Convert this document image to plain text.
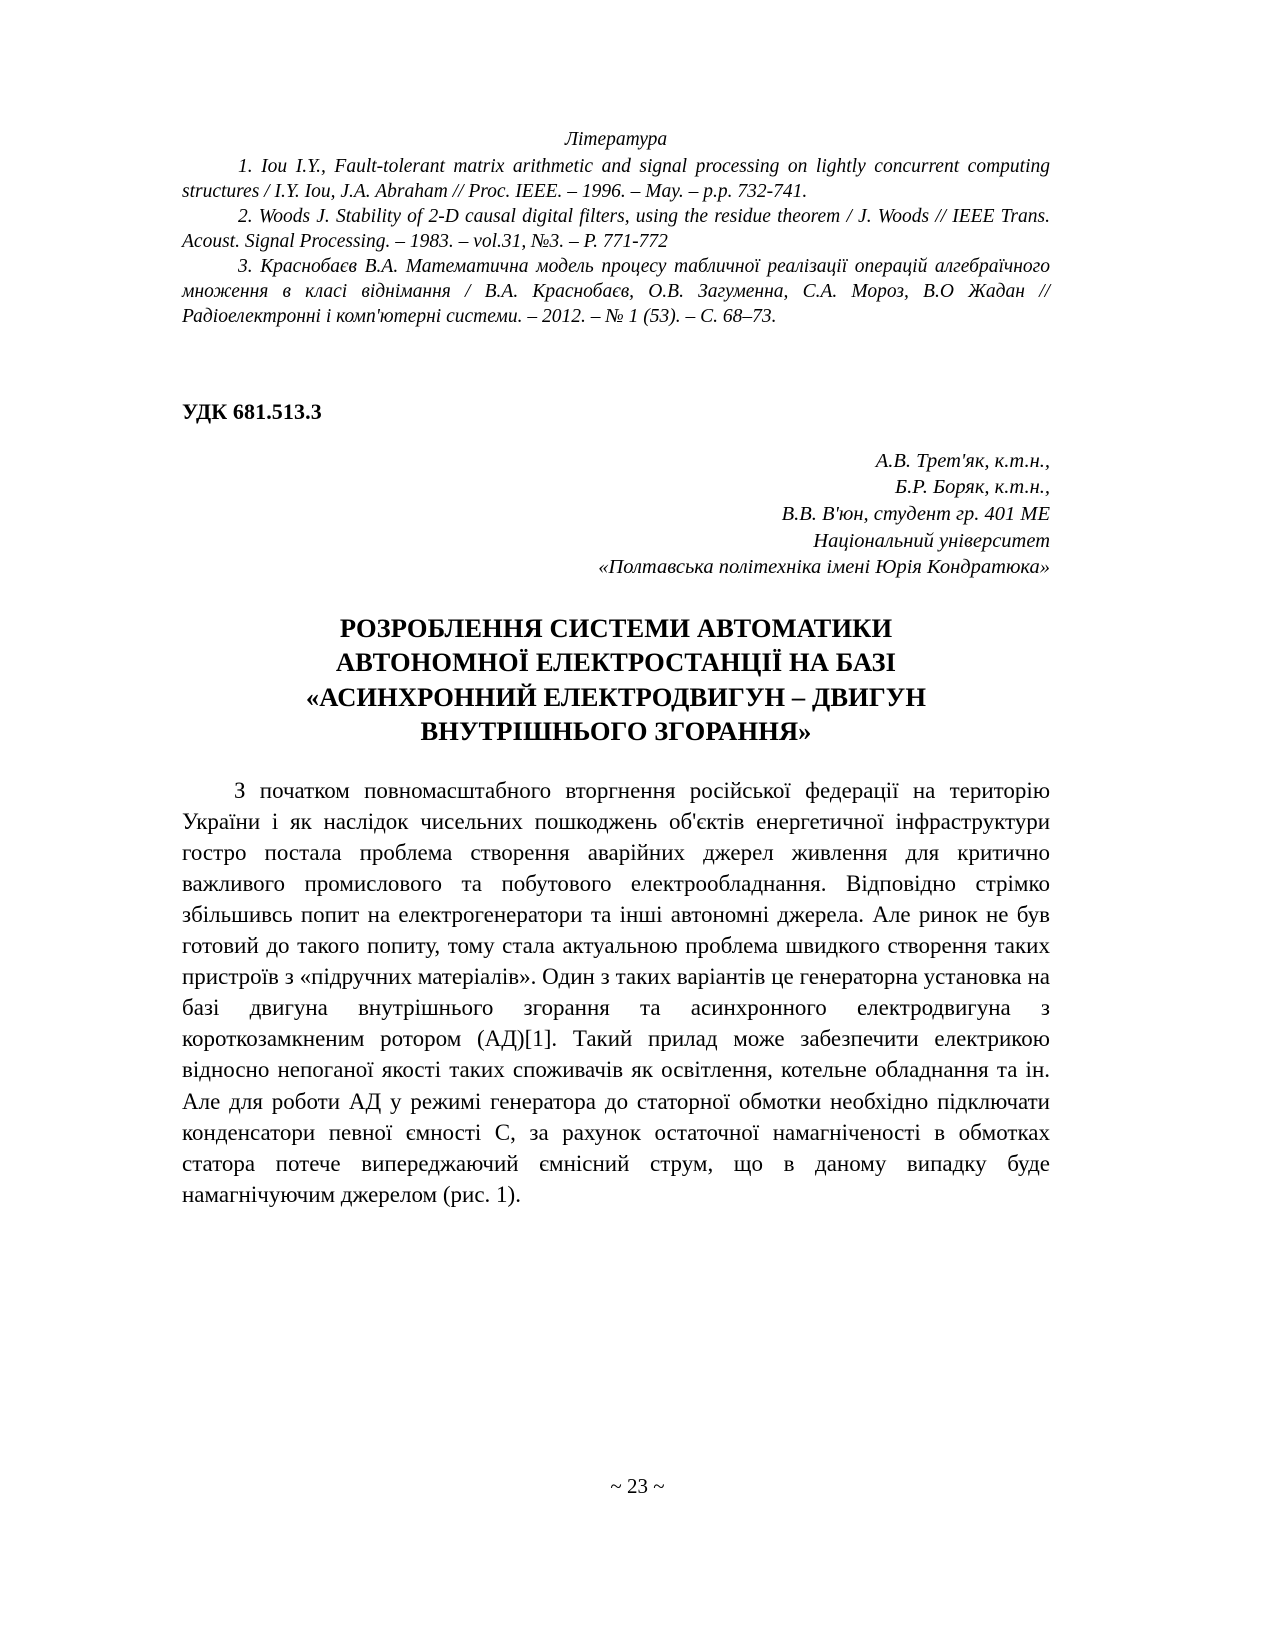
Література

1. Iou I.Y., Fault-tolerant matrix arithmetic and signal processing on lightly concurrent computing structures / I.Y. Iou, J.A. Abraham // Proc. IEEE. – 1996. – May. – p.p. 732-741.

2. Woods J. Stability of 2-D causal digital filters, using the residue theorem / J. Woods // IEEE Trans. Acoust. Signal Processing. – 1983. – vol.31, №3. – P. 771-772

3. Краснобаєв В.А. Математична модель процесу табличної реалізації операцій алгебраїчного множення в класі віднімання / В.А. Краснобаєв, О.В. Загуменна, С.А. Мороз, В.О Жадан // Радіоелектронні і комп'ютерні системи. – 2012. – № 1 (53). – С. 68–73.

УДК 681.513.3
А.В. Трет'як, к.т.н.,
Б.Р. Боряк, к.т.н.,
В.В. В'юн, студент гр. 401 МЕ
Національний університет
«Полтавська політехніка імені Юрія Кондратюка»
РОЗРОБЛЕННЯ СИСТЕМИ АВТОМАТИКИ
АВТОНОМНОЇ ЕЛЕКТРОСТАНЦІЇ НА БАЗІ
«АСИНХРОННИЙ ЕЛЕКТРОДВИГУН – ДВИГУН
ВНУТРІШНЬОГО ЗГОРАННЯ»

З початком повномасштабного вторгнення російської федерації на територію України і як наслідок чисельних пошкоджень об'єктів енергетичної інфраструктури гостро постала проблема створення аварійних джерел живлення для критично важливого промислового та побутового електрообладнання. Відповідно стрімко збільшивсь попит на електрогенератори та інші автономні джерела. Але ринок не був готовий до такого попиту, тому стала актуальною проблема швидкого створення таких пристроїв з «підручних матеріалів». Один з таких варіантів це генераторна установка на базі двигуна внутрішнього згорання та асинхронного електродвигуна з короткозамкненим ротором (АД)[1]. Такий прилад може забезпечити електрикою відносно непоганої якості таких споживачів як освітлення, котельне обладнання та ін. Але для роботи АД у режимі генератора до статорної обмотки необхідно підключати конденсатори певної ємності С, за рахунок остаточної намагніченості в обмотках статора потече випереджаючий ємнісний струм, що в даному випадку буде намагнічуючим джерелом (рис. 1).

~ 23 ~
